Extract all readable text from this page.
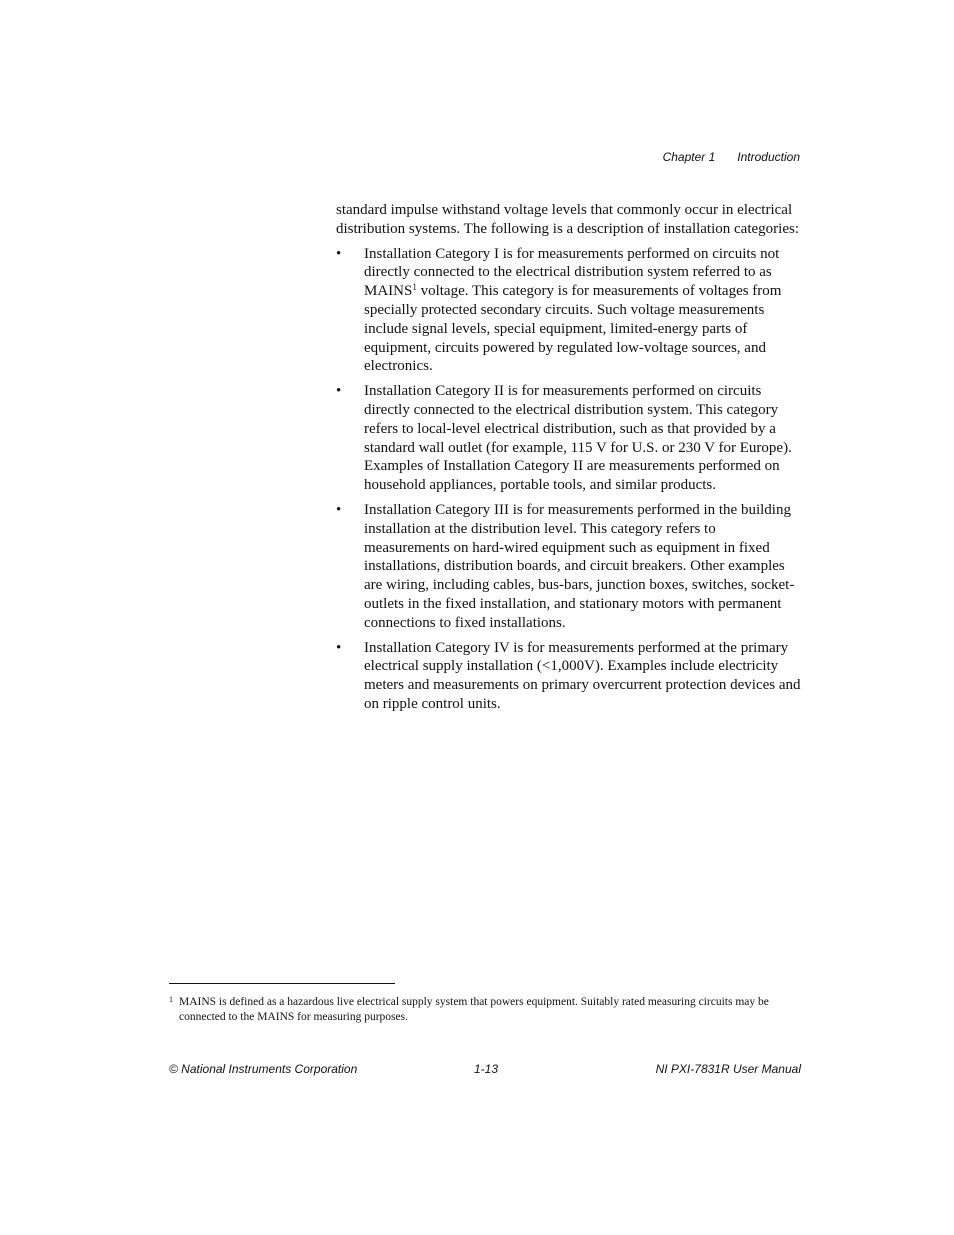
Chapter 1 Introduction

standard impulse withstand voltage levels that commonly occur in electrical distribution systems. The following is a description of installation categories:

•	Installation Category I is for measurements performed on circuits not directly connected to the electrical distribution system referred to as MAINS$^1$ voltage. This category is for measurements of voltages from specially protected secondary circuits. Such voltage measurements include signal levels, special equipment, limited-energy parts of equipment, circuits powered by regulated low-voltage sources, and electronics.
•	Installation Category II is for measurements performed on circuits directly connected to the electrical distribution system. This category refers to local-level electrical distribution, such as that provided by a standard wall outlet (for example, 115 V for U.S. or 230 V for Europe). Examples of Installation Category II are measurements performed on household appliances, portable tools, and similar products.
•	Installation Category III is for measurements performed in the building installation at the distribution level. This category refers to measurements on hard-wired equipment such as equipment in fixed installations, distribution boards, and circuit breakers. Other examples are wiring, including cables, bus-bars, junction boxes, switches, socket-outlets in the fixed installation, and stationary motors with permanent connections to fixed installations.
•	Installation Category IV is for measurements performed at the primary electrical supply installation (<1,000V). Examples include electricity meters and measurements on primary overcurrent protection devices and on ripple control units.
1 MAINS is defined as a hazardous live electrical supply system that powers equipment. Suitably rated measuring circuits may be connected to the MAINS for measuring purposes.
© National Instruments Corporation	1-13	NI PXI-7831R User Manual
